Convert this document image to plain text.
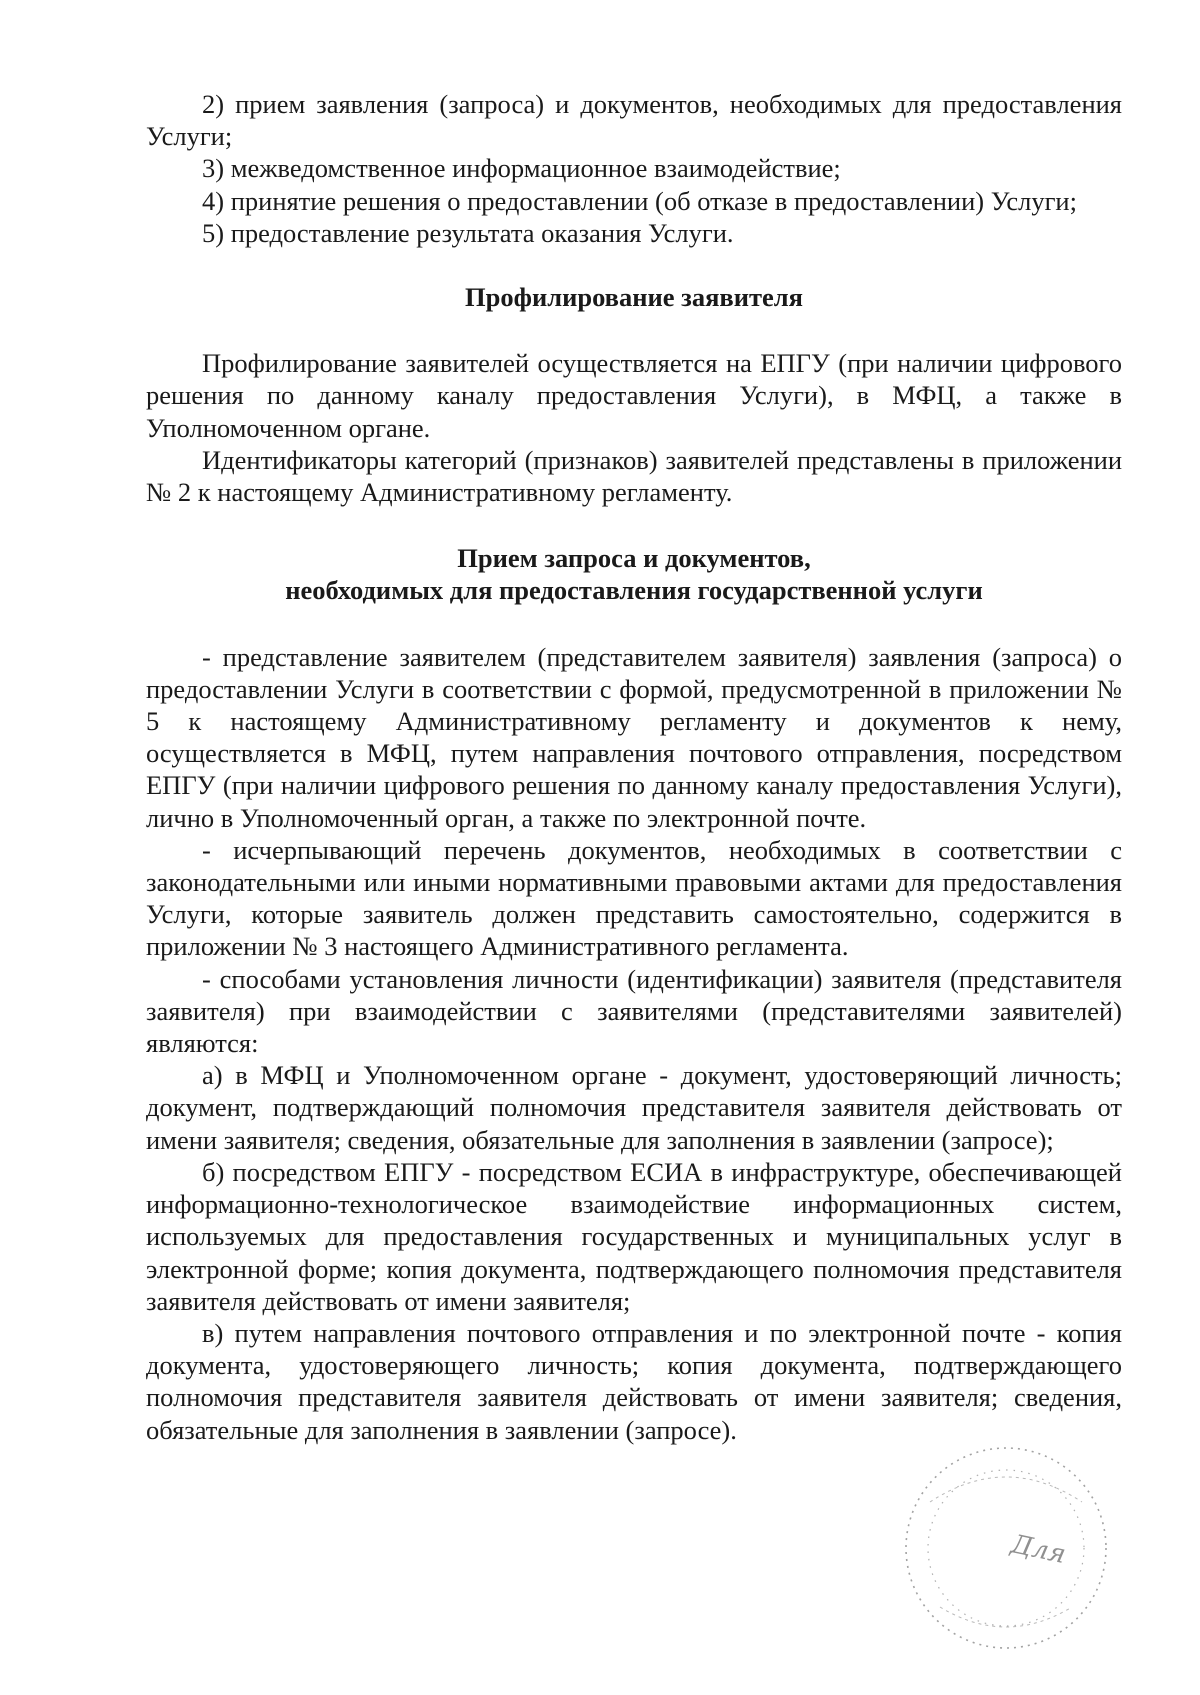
2) прием заявления (запроса) и документов, необходимых для предоставления Услуги;

3) межведомственное информационное взаимодействие;

4) принятие решения о предоставлении (об отказе в предоставлении) Услуги;

5) предоставление результата оказания Услуги.

Профилирование заявителя

Профилирование заявителей осуществляется на ЕПГУ (при наличии цифрового решения по данному каналу предоставления Услуги), в МФЦ, а также в Уполномоченном органе.

Идентификаторы категорий (признаков) заявителей представлены в приложении № 2 к настоящему Административному регламенту.

Прием запроса и документов,

необходимых для предоставления государственной услуги

- представление заявителем (представителем заявителя) заявления (запроса) о предоставлении Услуги в соответствии с формой, предусмотренной в приложении № 5 к настоящему Административному регламенту и документов к нему, осуществляется в МФЦ, путем направления почтового отправления, посредством ЕПГУ (при наличии цифрового решения по данному каналу предоставления Услуги), лично в Уполномоченный орган, а также по электронной почте.

- исчерпывающий перечень документов, необходимых в соответствии с законодательными или иными нормативными правовыми актами для предоставления Услуги, которые заявитель должен представить самостоятельно, содержится в приложении № 3 настоящего Административного регламента.

- способами установления личности (идентификации) заявителя (представителя заявителя) при взаимодействии с заявителями (представителями заявителей) являются:

а) в МФЦ и Уполномоченном органе - документ, удостоверяющий личность; документ, подтверждающий полномочия представителя заявителя действовать от имени заявителя; сведения, обязательные для заполнения в заявлении (запросе);

б) посредством ЕПГУ - посредством ЕСИА в инфраструктуре, обеспечивающей информационно-технологическое взаимодействие информационных систем, используемых для предоставления государственных и муниципальных услуг в электронной форме; копия документа, подтверждающего полномочия представителя заявителя действовать от имени заявителя;

в) путем направления почтового отправления и по электронной почте - копия документа, удостоверяющего личность; копия документа, подтверждающего полномочия представителя заявителя действовать от имени заявителя; сведения, обязательные для заполнения в заявлении (запросе).

Для
